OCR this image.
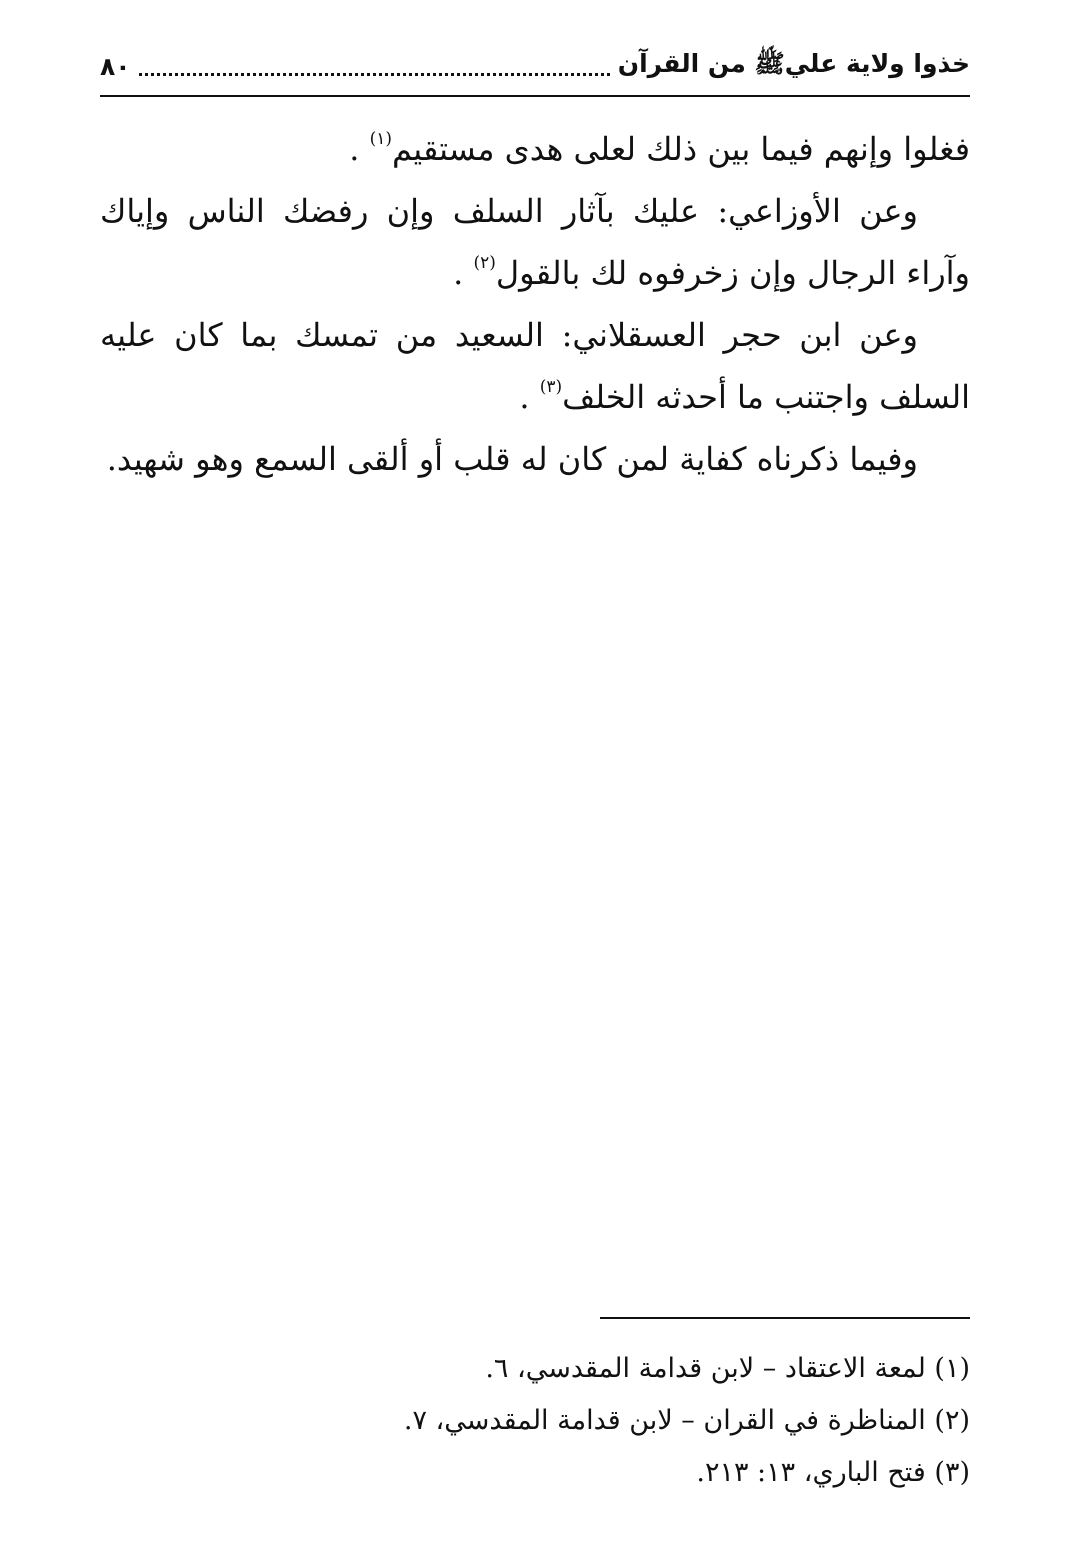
خذوا ولاية عليﷺ من القرآن
٨٠

فغلوا وإنهم فيما بين ذلك لعلى هدى مستقيم$^{(١)}$ .

وعن الأوزاعي: عليك بآثار السلف وإن رفضك الناس وإياك وآراء الرجال وإن زخرفوه لك بالقول$^{(٢)}$ .

وعن ابن حجر العسقلاني: السعيد من تمسك بما كان عليه السلف واجتنب ما أحدثه الخلف$^{(٣)}$ .

وفيما ذكرناه كفاية لمن كان له قلب أو ألقى السمع وهو شهيد.

(١) لمعة الاعتقاد – لابن قدامة المقدسي، ٦.

(٢) المناظرة في القران – لابن قدامة المقدسي، ٧.

(٣) فتح الباري، ١٣: ٢١٣.
